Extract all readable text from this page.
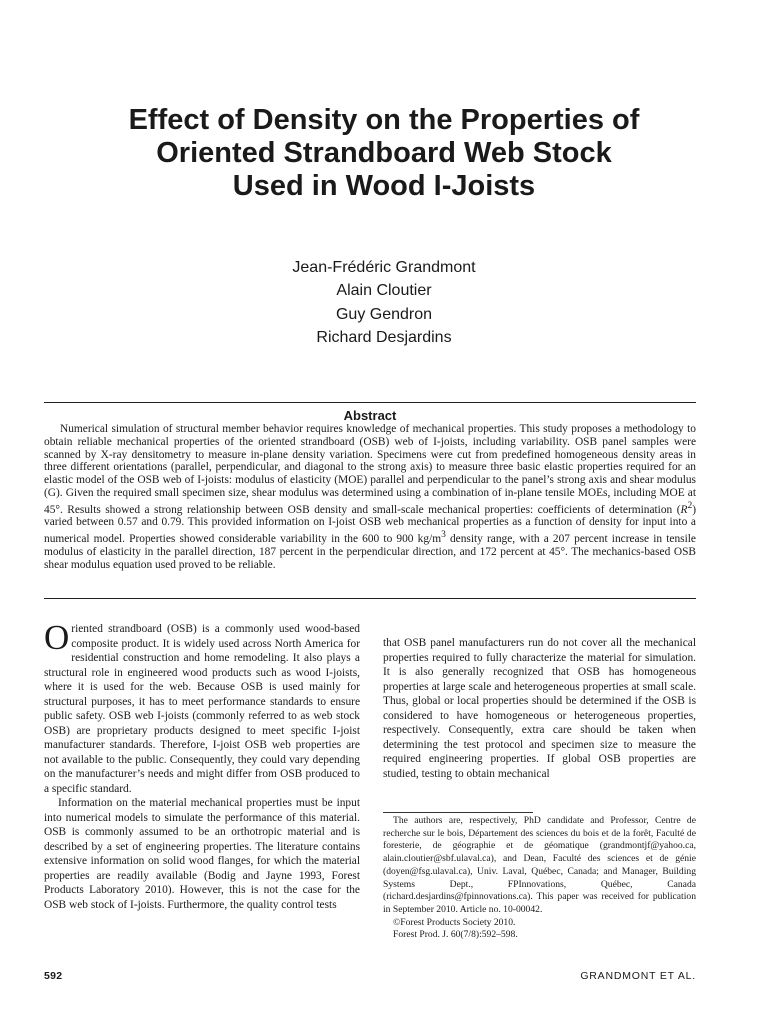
Effect of Density on the Properties of
Oriented Strandboard Web Stock
Used in Wood I-Joists
Jean-Frédéric Grandmont
Alain Cloutier
Guy Gendron
Richard Desjardins
Abstract
Numerical simulation of structural member behavior requires knowledge of mechanical properties. This study proposes a methodology to obtain reliable mechanical properties of the oriented strandboard (OSB) web of I-joists, including variability. OSB panel samples were scanned by X-ray densitometry to measure in-plane density variation. Specimens were cut from predefined homogeneous density areas in three different orientations (parallel, perpendicular, and diagonal to the strong axis) to measure three basic elastic properties required for an elastic model of the OSB web of I-joists: modulus of elasticity (MOE) parallel and perpendicular to the panel’s strong axis and shear modulus (G). Given the required small specimen size, shear modulus was determined using a combination of in-plane tensile MOEs, including MOE at 45°. Results showed a strong relationship between OSB density and small-scale mechanical properties: coefficients of determination $(R^2)$ varied between 0.57 and 0.79. This provided information on I-joist OSB web mechanical properties as a function of density for input into a numerical model. Properties showed considerable variability in the 600 to 900 $kg/m^3$ density range, with a 207 percent increase in tensile modulus of elasticity in the parallel direction, 187 percent in the perpendicular direction, and 172 percent at 45°. The mechanics-based OSB shear modulus equation used proved to be reliable.

Oriented strandboard (OSB) is a commonly used wood-based composite product. It is widely used across North America for residential construction and home remodeling. It also plays a structural role in engineered wood products such as wood I-joists, where it is used for the web. Because OSB is used mainly for structural purposes, it has to meet performance standards to ensure public safety. OSB web I-joists (commonly referred to as web stock OSB) are proprietary products designed to meet specific I-joist manufacturer standards. Therefore, I-joist OSB web properties are not available to the public. Consequently, they could vary depending on the manufacturer’s needs and might differ from OSB produced to a specific standard.

Information on the material mechanical properties must be input into numerical models to simulate the performance of this material. OSB is commonly assumed to be an orthotropic material and is described by a set of engineering properties. The literature contains extensive information on solid wood flanges, for which the material properties are readily available (Bodig and Jayne 1993, Forest Products Laboratory 2010). However, this is not the case for the OSB web stock of I-joists. Furthermore, the quality control tests

that OSB panel manufacturers run do not cover all the mechanical properties required to fully characterize the material for simulation. It is also generally recognized that OSB has homogeneous properties at large scale and heterogeneous properties at small scale. Thus, global or local properties should be determined if the OSB is considered to have homogeneous or heterogeneous properties, respectively. Consequently, extra care should be taken when determining the test protocol and specimen size to measure the required engineering properties. If global OSB properties are studied, testing to obtain mechanical

The authors are, respectively, PhD candidate and Professor, Centre de recherche sur le bois, Département des sciences du bois et de la forêt, Faculté de foresterie, de géographie et de géomatique (grandmontjf@yahoo.ca, alain.cloutier@sbf.ulaval.ca), and Dean, Faculté des sciences et de génie (doyen@fsg.ulaval.ca), Univ. Laval, Québec, Canada; and Manager, Building Systems Dept., FPInnovations, Québec, Canada (richard.desjardins@fpinnovations.ca). This paper was received for publication in September 2010. Article no. 10-00042.

©Forest Products Society 2010.

Forest Prod. J. 60(7/8):592–598.

592	GRANDMONT ET AL.
